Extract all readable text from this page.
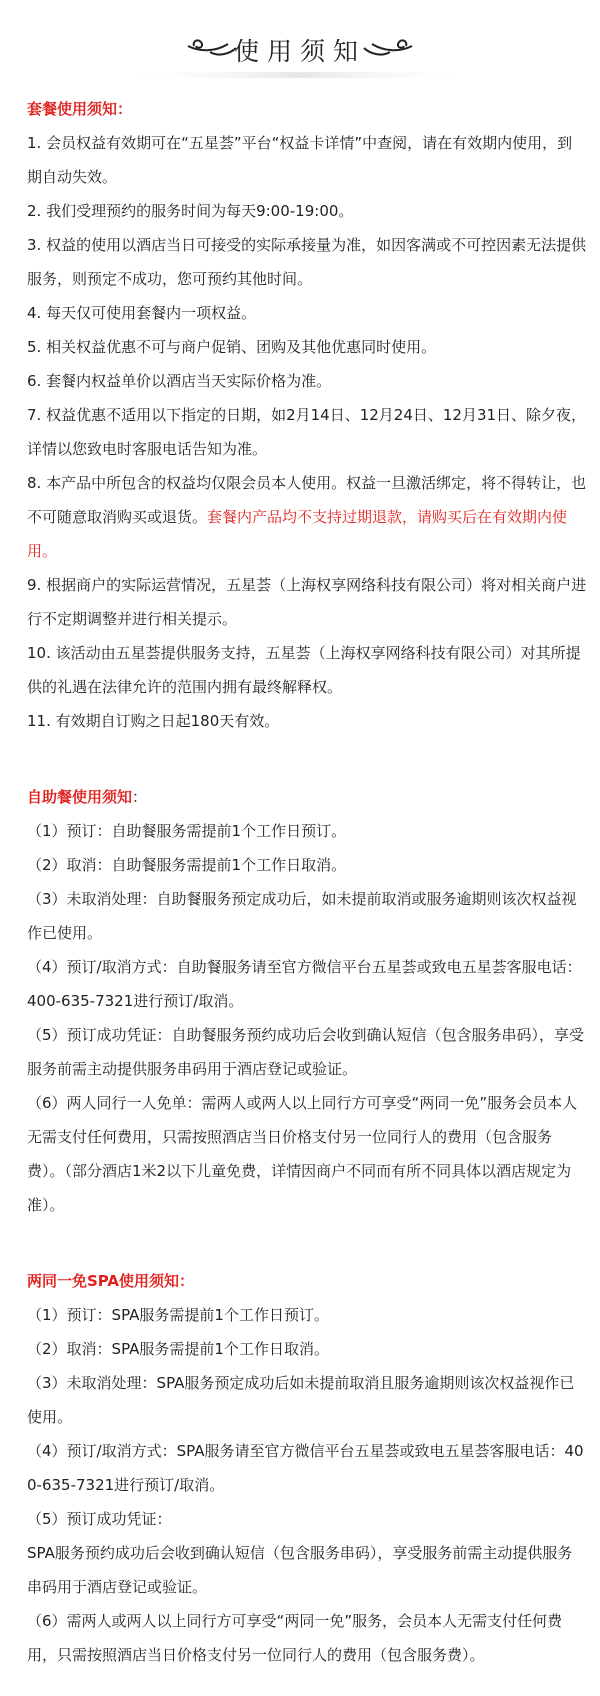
使用须知
套餐使用须知：

1. 会员权益有效期可在“五星荟”平台“权益卡详情”中查阅，请在有效期内使用，到期自动失效。

2. 我们受理预约的服务时间为每天9:00-19:00。

3. 权益的使用以酒店当日可接受的实际承接量为准，如因客满或不可控因素无法提供服务，则预定不成功，您可预约其他时间。

4. 每天仅可使用套餐内一项权益。

5. 相关权益优惠不可与商户促销、团购及其他优惠同时使用。

6. 套餐内权益单价以酒店当天实际价格为准。

7. 权益优惠不适用以下指定的日期，如2月14日、12月24日、12月31日、除夕夜，详情以您致电时客服电话告知为准。

8. 本产品中所包含的权益均仅限会员本人使用。权益一旦激活绑定，将不得转让，也不可随意取消购买或退货。套餐内产品均不支持过期退款，请购买后在有效期内使用。

9. 根据商户的实际运营情况，五星荟（上海权享网络科技有限公司）将对相关商户进行不定期调整并进行相关提示。

10. 该活动由五星荟提供服务支持，五星荟（上海权享网络科技有限公司）对其所提供的礼遇在法律允许的范围内拥有最终解释权。

11. 有效期自订购之日起180天有效。

自助餐使用须知：

（1）预订：自助餐服务需提前1个工作日预订。

（2）取消：自助餐服务需提前1个工作日取消。

（3）未取消处理：自助餐服务预定成功后，如未提前取消或服务逾期则该次权益视作已使用。

（4）预订/取消方式：自助餐服务请至官方微信平台五星荟或致电五星荟客服电话：400-635-7321进行预订/取消。

（5）预订成功凭证：自助餐服务预约成功后会收到确认短信（包含服务串码），享受服务前需主动提供服务串码用于酒店登记或验证。

（6）两人同行一人免单：需两人或两人以上同行方可享受“两同一免”服务会员本人无需支付任何费用，只需按照酒店当日价格支付另一位同行人的费用（包含服务费）。（部分酒店1米2以下儿童免费，详情因商户不同而有所不同具体以酒店规定为准）。

两同一免SPA使用须知：

（1）预订：SPA服务需提前1个工作日预订。

（2）取消：SPA服务需提前1个工作日取消。

（3）未取消处理：SPA服务预定成功后如未提前取消且服务逾期则该次权益视作已使用。

（4）预订/取消方式：SPA服务请至官方微信平台五星荟或致电五星荟客服电话：400-635-7321进行预订/取消。

（5）预订成功凭证：

SPA服务预约成功后会收到确认短信（包含服务串码），享受服务前需主动提供服务串码用于酒店登记或验证。

（6）需两人或两人以上同行方可享受“两同一免”服务，会员本人无需支付任何费用，只需按照酒店当日价格支付另一位同行人的费用（包含服务费）。
